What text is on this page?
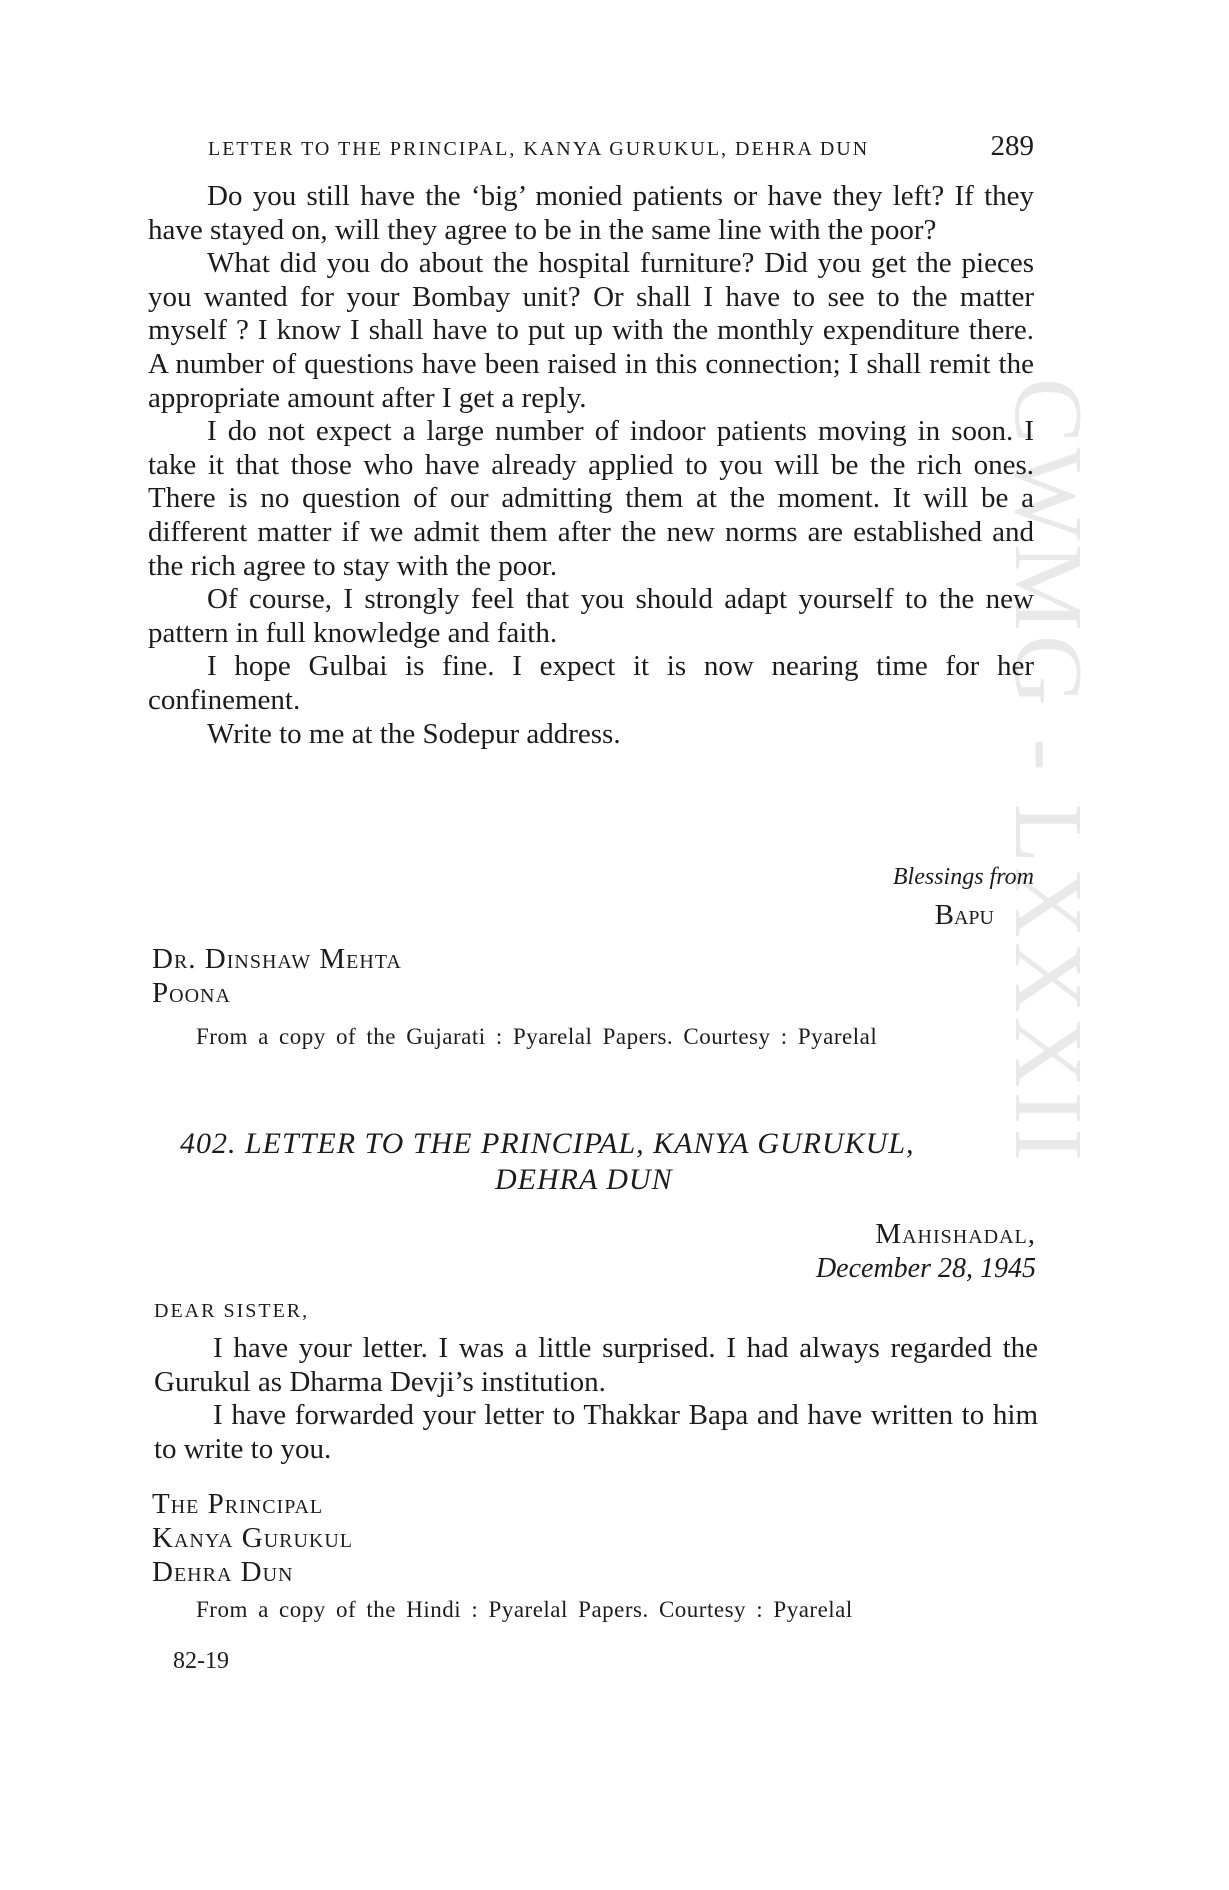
CWMG - LXXXII
LETTER TO THE PRINCIPAL, KANYA GURUKUL, DEHRA DUN	289

Do you still have the ‘big’ monied patients or have they left? If they have stayed on, will they agree to be in the same line with the poor?

What did you do about the hospital furniture? Did you get the pieces you wanted for your Bombay unit? Or shall I have to see to the matter myself ? I know I shall have to put up with the monthly expenditure there. A number of questions have been raised in this connection; I shall remit the appropriate amount after I get a reply.

I do not expect a large number of indoor patients moving in soon. I take it that those who have already applied to you will be the rich ones. There is no question of our admitting them at the moment. It will be a different matter if we admit them after the new norms are established and the rich agree to stay with the poor.

Of course, I strongly feel that you should adapt yourself to the new pattern in full knowledge and faith.

I hope Gulbai is fine. I expect it is now nearing time for her confinement.

Write to me at the Sodepur address.

Blessings from
Bapu
Dr. Dinshaw Mehta
Poona
From a copy of the Gujarati : Pyarelal Papers. Courtesy : Pyarelal
402. LETTER TO THE PRINCIPAL, KANYA GURUKUL,
DEHRA DUN
Mahishadal,
December 28, 1945
DEAR SISTER,

I have your letter. I was a little surprised. I had always regarded the Gurukul as Dharma Devji’s institution.

I have forwarded your letter to Thakkar Bapa and have written to him to write to you.

The Principal
Kanya Gurukul
Dehra Dun
From a copy of the Hindi : Pyarelal Papers. Courtesy : Pyarelal
82-19
